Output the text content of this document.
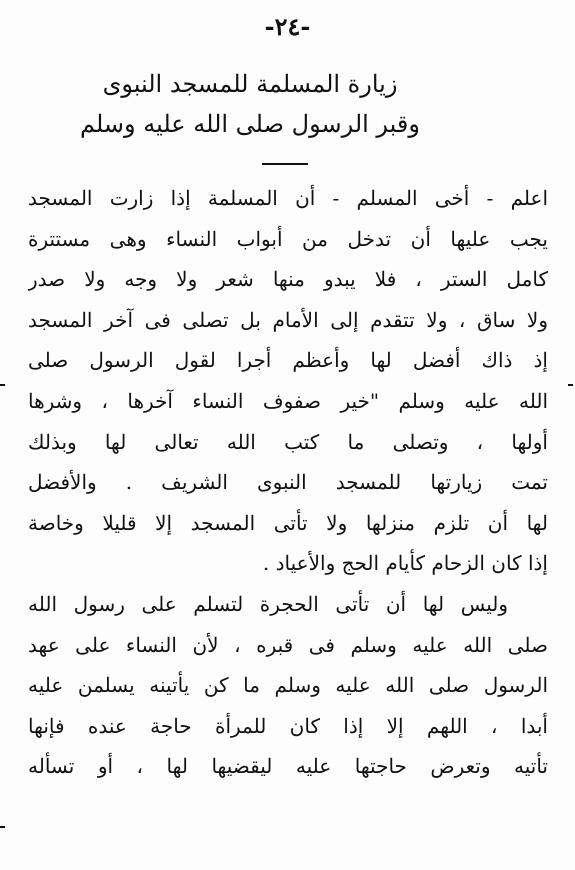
-٢٤-
زيارة المسلمة للمسجد النبوى
وقبر الرسول صلى الله عليه وسلم
اعلم - أخى المسلم - أن المسلمة إذا زارت المسجد
يجب عليها أن تدخل من أبواب النساء وهى مستترة
كامل الستر ، فلا يبدو منها شعر ولا وجه ولا صدر
ولا ساق ، ولا تتقدم إلى الأمام بل تصلى فى آخر المسجد
إذ ذاك أفضل لها وأعظم أجرا لقول الرسول صلى
الله عليه وسلم "خير صفوف النساء آخرها ، وشرها
أولها ، وتصلى ما كتب الله تعالى لها وبذلك
تمت زيارتها للمسجد النبوى الشريف . والأفضل
لها أن تلزم منزلها ولا تأتى المسجد إلا قليلا وخاصة
إذا كان الزحام كأيام الحج والأعياد .
وليس لها أن تأتى الحجرة لتسلم على رسول الله
صلى الله عليه وسلم فى قبره ، لأن النساء على عهد
الرسول صلى الله عليه وسلم ما كن يأتينه يسلمن عليه
أبدا ، اللهم إلا إذا كان للمرأة حاجة عنده فإنها
تأتيه وتعرض حاجتها عليه ليقضيها لها ، أو تسأله
